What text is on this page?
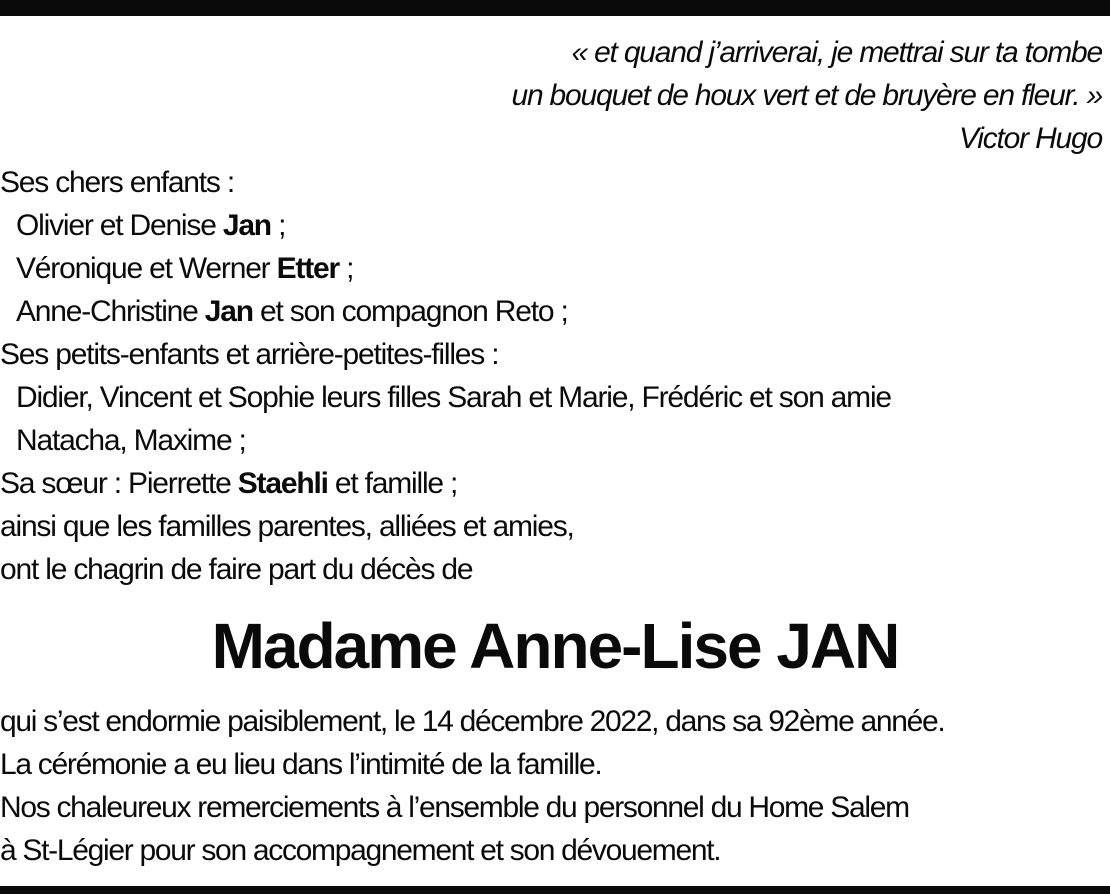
« et quand j’arriverai, je mettrai sur ta tombe
un bouquet de houx vert et de bruyère en fleur. »
Victor Hugo
Ses chers enfants :
Olivier et Denise Jan ;
Véronique et Werner Etter ;
Anne-Christine Jan et son compagnon Reto ;
Ses petits-enfants et arrière-petites-filles :
Didier, Vincent et Sophie leurs filles Sarah et Marie, Frédéric et son amie
Natacha, Maxime ;
Sa sœur : Pierrette Staehli et famille ;
ainsi que les familles parentes, alliées et amies,
ont le chagrin de faire part du décès de
Madame Anne-Lise JAN
qui s’est endormie paisiblement, le 14 décembre 2022, dans sa 92ème année.
La cérémonie a eu lieu dans l’intimité de la famille.
Nos chaleureux remerciements à l’ensemble du personnel du Home Salem
à St-Légier pour son accompagnement et son dévouement.
